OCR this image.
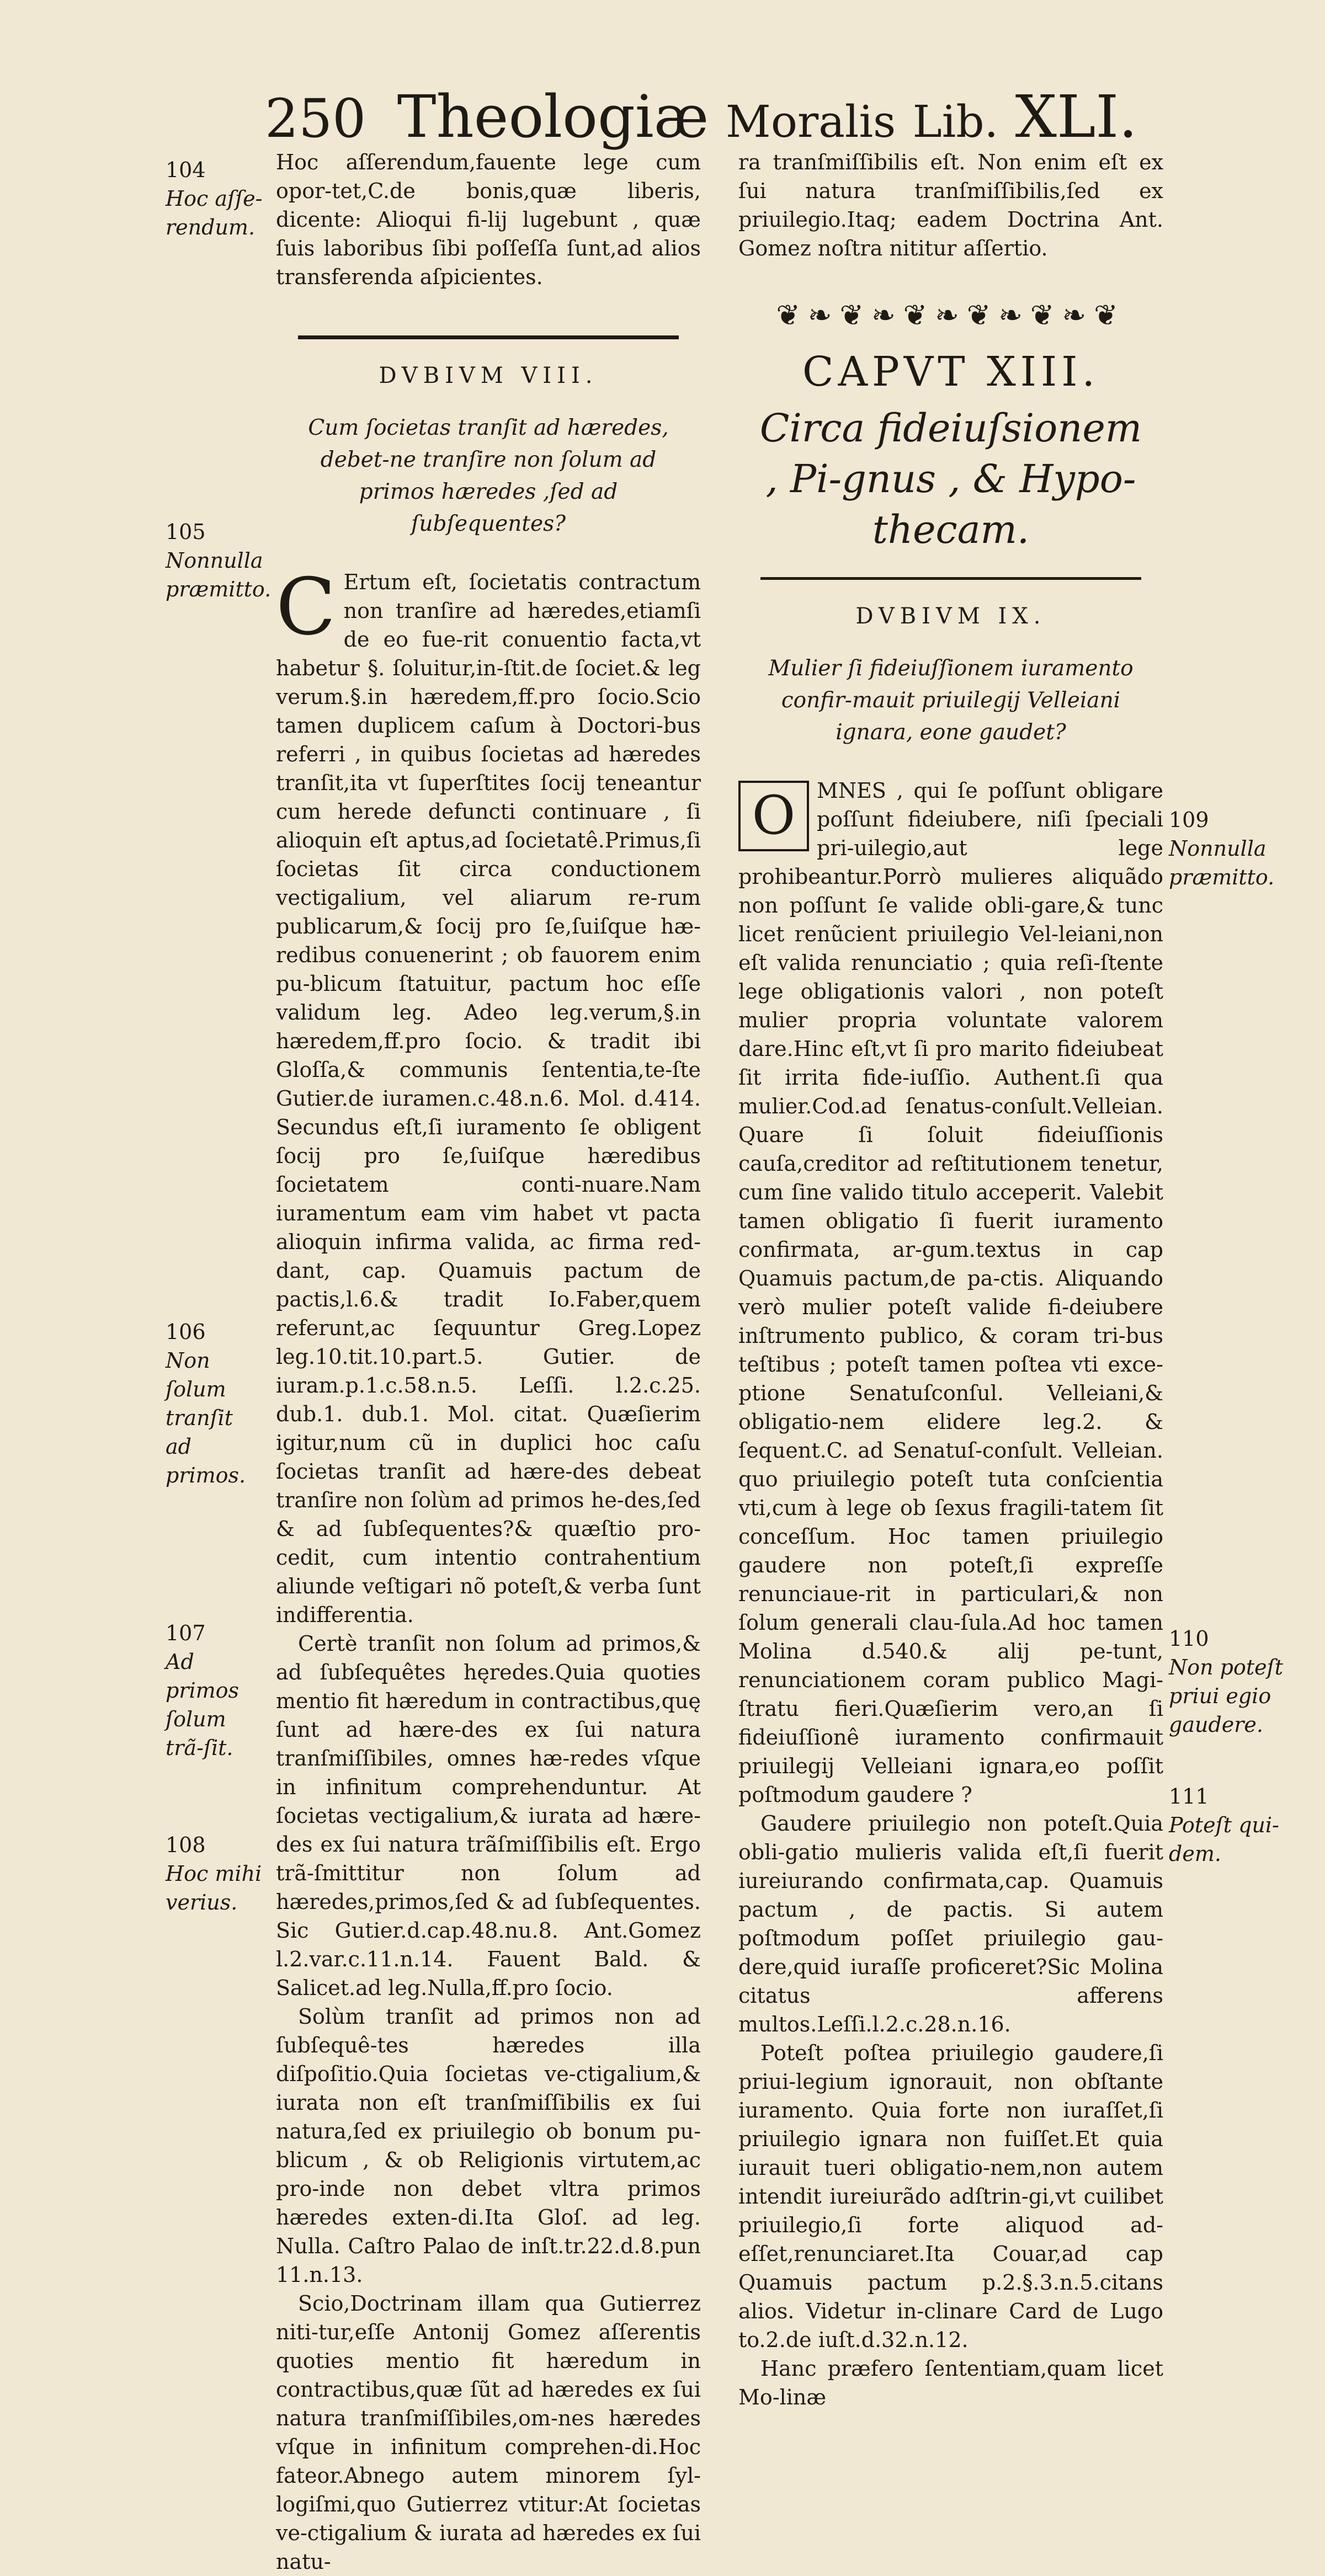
250 Theologiæ Moralis Lib. XLI.

Hoc aſſerendum,fauente lege cum opor-tet,C.de bonis,quæ liberis, dicente: Alioqui fi-lij lugebunt , quæ ſuis laboribus ſibi poſſeſſa ſunt,ad alios transferenda aſpicientes.

DVBIVM VIII.
Cum ſocietas tranſit ad hæredes, debet-ne tranſire non ſolum ad primos hæredes ,ſed ad ſubſequentes?

C Ertum eſt, ſocietatis contractum non tranſire ad hæredes,etiamſi de eo fue-rit conuentio facta,vt habetur §. ſoluitur,in-ſtit.de ſociet.& leg verum.§.in hæredem,ff.pro ſocio.Scio tamen duplicem caſum à Doctori-bus referri , in quibus ſocietas ad hæredes tranſit,ita vt ſuperſtites ſocij teneantur cum herede defuncti continuare , ſi alioquin eſt aptus,ad ſocietatê.Primus,ſi ſocietas ſit circa conductionem vectigalium, vel aliarum re-rum publicarum,& ſocij pro ſe,ſuiſque hæ-redibus conuenerint ; ob fauorem enim pu-blicum ſtatuitur, pactum hoc eſſe validum leg. Adeo leg.verum,§.in hæredem,ff.pro ſocio. & tradit ibi Gloſſa,& communis ſententia,te-ſte Gutier.de iuramen.c.48.n.6. Mol. d.414. Secundus eſt,ſi iuramento ſe obligent ſocij pro ſe,ſuiſque hæredibus ſocietatem conti-nuare.Nam iuramentum eam vim habet vt pacta alioquin infirma valida, ac firma red-dant, cap. Quamuis pactum de pactis,l.6.& tradit Io.Faber,quem referunt,ac ſequuntur Greg.Lopez leg.10.tit.10.part.5. Gutier. de iuram.p.1.c.58.n.5. Leſſi. l.2.c.25. dub.1. dub.1. Mol. citat. Quæſierim igitur,num cũ in duplici hoc caſu ſocietas tranſit ad hære-des debeat tranſire non ſolùm ad primos he-des,ſed & ad ſubſequentes?& quæſtio pro-cedit, cum intentio contrahentium aliunde veſtigari nõ poteſt,& verba ſunt indifferentia.

Certè tranſit non ſolum ad primos,& ad ſubſequêtes hęredes.Quia quoties mentio fit hæredum in contractibus,quę ſunt ad hære-des ex ſui natura tranſmiſſibiles, omnes hæ-redes vſque in infinitum comprehenduntur. At ſocietas vectigalium,& iurata ad hære-des ex ſui natura trãſmiſſibilis eſt. Ergo trã-ſmittitur non ſolum ad hæredes,primos,ſed & ad ſubſequentes. Sic Gutier.d.cap.48.nu.8. Ant.Gomez l.2.var.c.11.n.14. Fauent Bald. & Salicet.ad leg.Nulla,ff.pro ſocio.

Solùm tranſit ad primos non ad ſubſequê-tes hæredes illa diſpoſitio.Quia ſocietas ve-ctigalium,& iurata non eſt tranſmiſſibilis ex ſui natura,ſed ex priuilegio ob bonum pu-blicum , & ob Religionis virtutem,ac pro-inde non debet vltra primos hæredes exten-di.Ita Gloſ. ad leg. Nulla. Caſtro Palao de inſt.tr.22.d.8.pun 11.n.13.

Scio,Doctrinam illam qua Gutierrez niti-tur,eſſe Antonij Gomez aſſerentis quoties mentio fit hæredum in contractibus,quæ ſũt ad hæredes ex ſui natura tranſmiſſibiles,om-nes hæredes vſque in infinitum comprehen-di.Hoc fateor.Abnego autem minorem ſyl-logiſmi,quo Gutierrez vtitur:At ſocietas ve-ctigalium & iurata ad hæredes ex ſui natu-

ra tranſmiſſibilis eſt. Non enim eſt ex ſui natura tranſmiſſibilis,ſed ex priuilegio.Itaq; eadem Doctrina Ant. Gomez noſtra nititur aſſertio.

❦❧❦❧❦❧❦❧❦❧❦
CAPVT XIII.
Circa fideiuſsionem , Pi-gnus , & Hypo-thecam.
DVBIVM IX.
Mulier ſi fideiuſſionem iuramento confir-mauit priuilegij Velleiani ignara, eone gaudet?

O	MNES , qui ſe poſſunt obligare poſſunt fideiubere, niſi ſpeciali pri-uilegio,aut lege prohibeantur.Porrò mulieres aliquãdo non poſſunt ſe valide obli-gare,& tunc licet renũcient priuilegio Vel-leiani,non eſt valida renunciatio ; quia reſi-ſtente lege obligationis valori , non poteſt mulier propria voluntate valorem dare.Hinc eſt,vt ſi pro marito fideiubeat ſit irrita fide-iuſſio. Authent.ſi qua mulier.Cod.ad ſenatus-conſult.Velleian. Quare ſi ſoluit fideiuſſionis cauſa,creditor ad reſtitutionem tenetur, cum ſine valido titulo acceperit. Valebit tamen obligatio ſi fuerit iuramento confirmata, ar-gum.textus in cap Quamuis pactum,de pa-ctis. Aliquando verò mulier poteſt valide fi-deiubere inſtrumento publico, & coram tri-bus teſtibus ; poteſt tamen poſtea vti exce-ptione Senatuſconſul. Velleiani,& obligatio-nem elidere leg.2. & ſequent.C. ad Senatuſ-conſult. Velleian. quo priuilegio poteſt tuta conſcientia vti,cum à lege ob ſexus fragili-tatem ſit conceſſum. Hoc tamen priuilegio gaudere non poteſt,ſi expreſſe renunciaue-rit in particulari,& non ſolum generali clau-ſula.Ad hoc tamen Molina d.540.& alij pe-tunt, renunciationem coram publico Magi-ſtratu fieri.Quæſierim vero,an ſi fideiuſſionê iuramento confirmauit priuilegij Velleiani ignara,eo poſſit poſtmodum gaudere ?

Gaudere priuilegio non poteſt.Quia obli-gatio mulieris valida eſt,ſi fuerit iureiurando confirmata,cap. Quamuis pactum , de pactis. Si autem poſtmodum poſſet priuilegio gau-dere,quid iuraſſe proficeret?Sic Molina citatus afferens multos.Leſſi.l.2.c.28.n.16.

Poteſt poſtea priuilegio gaudere,ſi priui-legium ignorauit, non obſtante iuramento. Quia forte non iuraſſet,ſi priuilegio ignara non fuiſſet.Et quia iurauit tueri obligatio-nem,non autem intendit iureiurãdo adſtrin-gi,vt cuilibet priuilegio,ſi forte aliquod ad-eſſet,renunciaret.Ita Couar,ad cap Quamuis pactum p.2.§.3.n.5.citans alios. Videtur in-clinare Card de Lugo to.2.de iuſt.d.32.n.12.

Hanc præfero ſententiam,quam licet Mo-linæ

104
Hoc aſſe-rendum.
105
Nonnulla præmitto.
106
Non ſolum tranſit ad primos.
107
Ad primos ſolum trã-ſit.
108
Hoc mihi verius.
109
Nonnulla præmitto.
110
Non poteſt priui egio gaudere.
111
Poteſt qui-dem.
